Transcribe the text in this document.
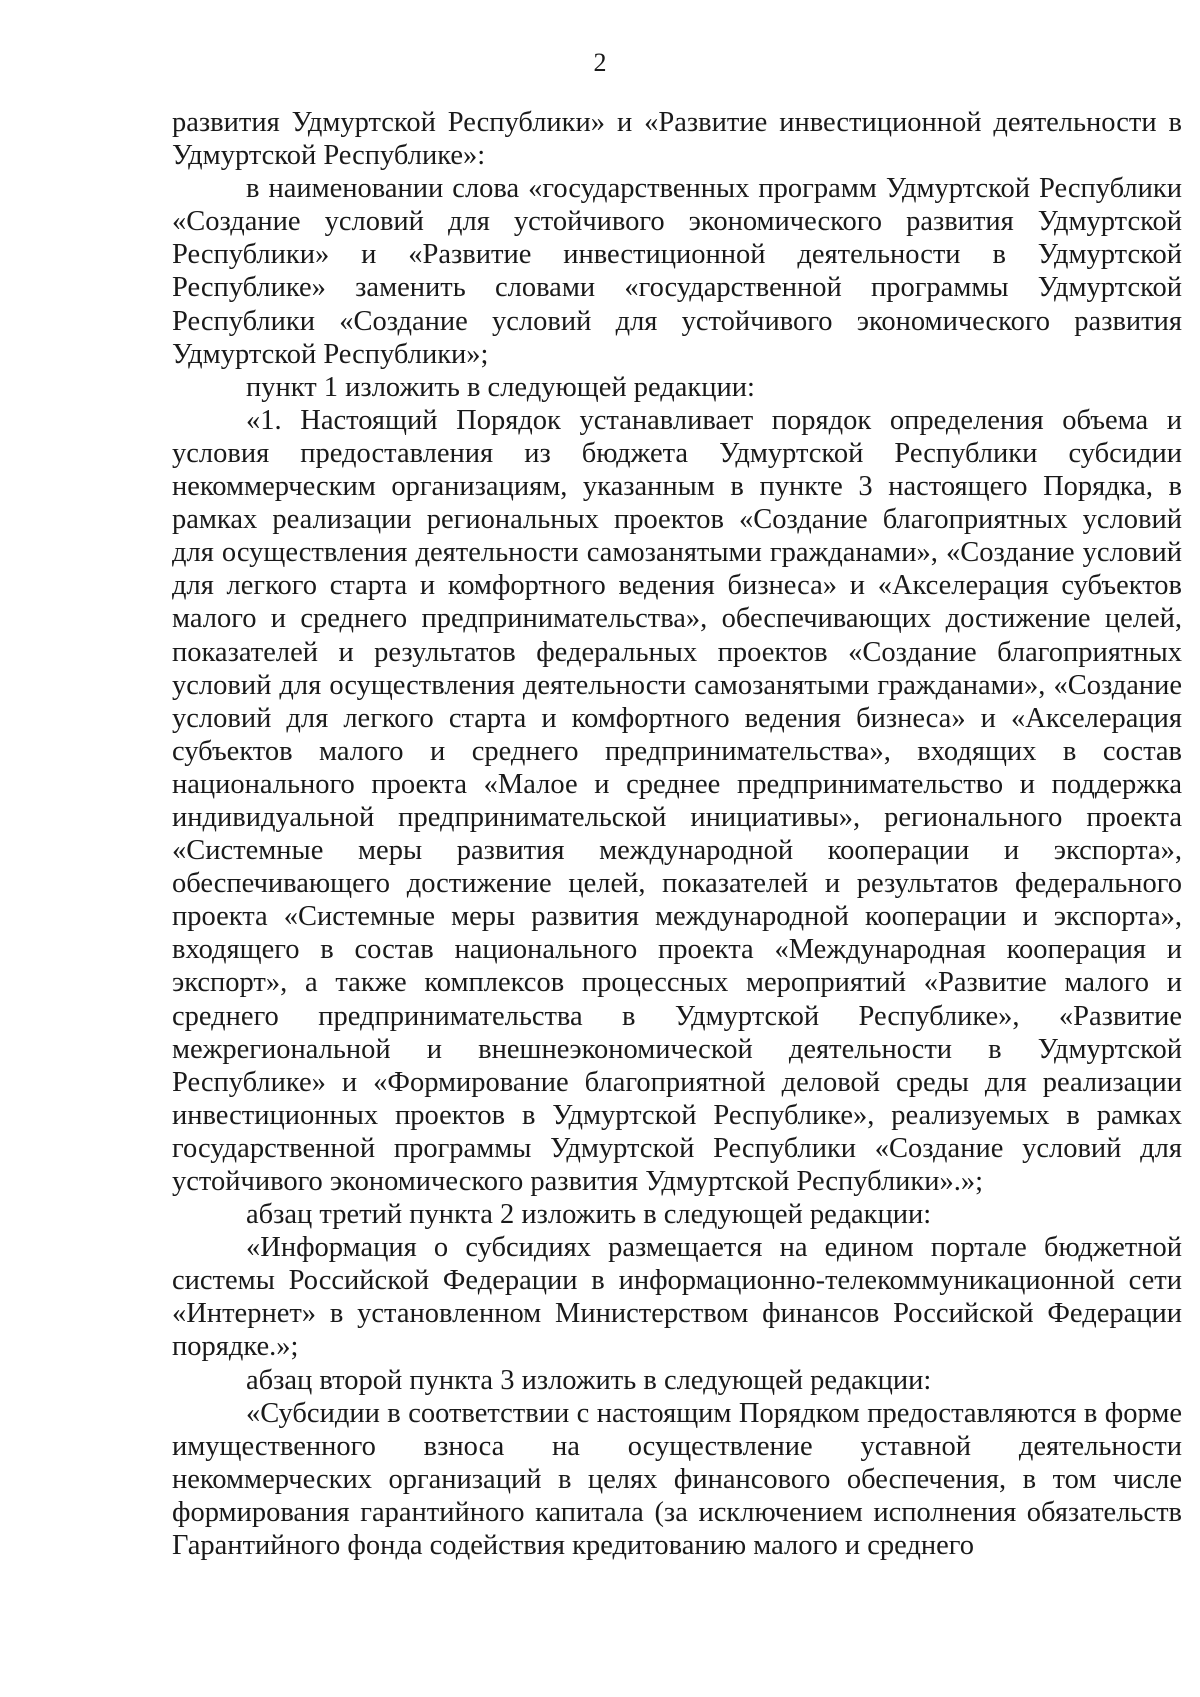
2

развития Удмуртской Республики» и «Развитие инвестиционной деятельности в Удмуртской Республике»:

в наименовании слова «государственных программ Удмуртской Республики «Создание условий для устойчивого экономического развития Удмуртской Республики» и «Развитие инвестиционной деятельности в Удмуртской Республике» заменить словами «государственной программы Удмуртской Республики «Создание условий для устойчивого экономического развития Удмуртской Республики»;

пункт 1 изложить в следующей редакции:

«1. Настоящий Порядок устанавливает порядок определения объема и условия предоставления из бюджета Удмуртской Республики субсидии некоммерческим организациям, указанным в пункте 3 настоящего Порядка, в рамках реализации региональных проектов «Создание благоприятных условий для осуществления деятельности самозанятыми гражданами», «Создание условий для легкого старта и комфортного ведения бизнеса» и «Акселерация субъектов малого и среднего предпринимательства», обеспечивающих достижение целей, показателей и результатов федеральных проектов «Создание благоприятных условий для осуществления деятельности самозанятыми гражданами», «Создание условий для легкого старта и комфортного ведения бизнеса» и «Акселерация субъектов малого и среднего предпринимательства», входящих в состав национального проекта «Малое и среднее предпринимательство и поддержка индивидуальной предпринимательской инициативы», регионального проекта «Системные меры развития международной кооперации и экспорта», обеспечивающего достижение целей, показателей и результатов федерального проекта «Системные меры развития международной кооперации и экспорта», входящего в состав национального проекта «Международная кооперация и экспорт», а также комплексов процессных мероприятий «Развитие малого и среднего предпринимательства в Удмуртской Республике», «Развитие межрегиональной и внешнеэкономической деятельности в Удмуртской Республике» и «Формирование благоприятной деловой среды для реализации инвестиционных проектов в Удмуртской Республике», реализуемых в рамках государственной программы Удмуртской Республики «Создание условий для устойчивого экономического развития Удмуртской Республики».»;

абзац третий пункта 2 изложить в следующей редакции:

«Информация о субсидиях размещается на едином портале бюджетной системы Российской Федерации в информационно-телекоммуникационной сети «Интернет» в установленном Министерством финансов Российской Федерации порядке.»;

абзац второй пункта 3 изложить в следующей редакции:

«Субсидии в соответствии с настоящим Порядком предоставляются в форме имущественного взноса на осуществление уставной деятельности некоммерческих организаций в целях финансового обеспечения, в том числе формирования гарантийного капитала (за исключением исполнения обязательств Гарантийного фонда содействия кредитованию малого и среднего
